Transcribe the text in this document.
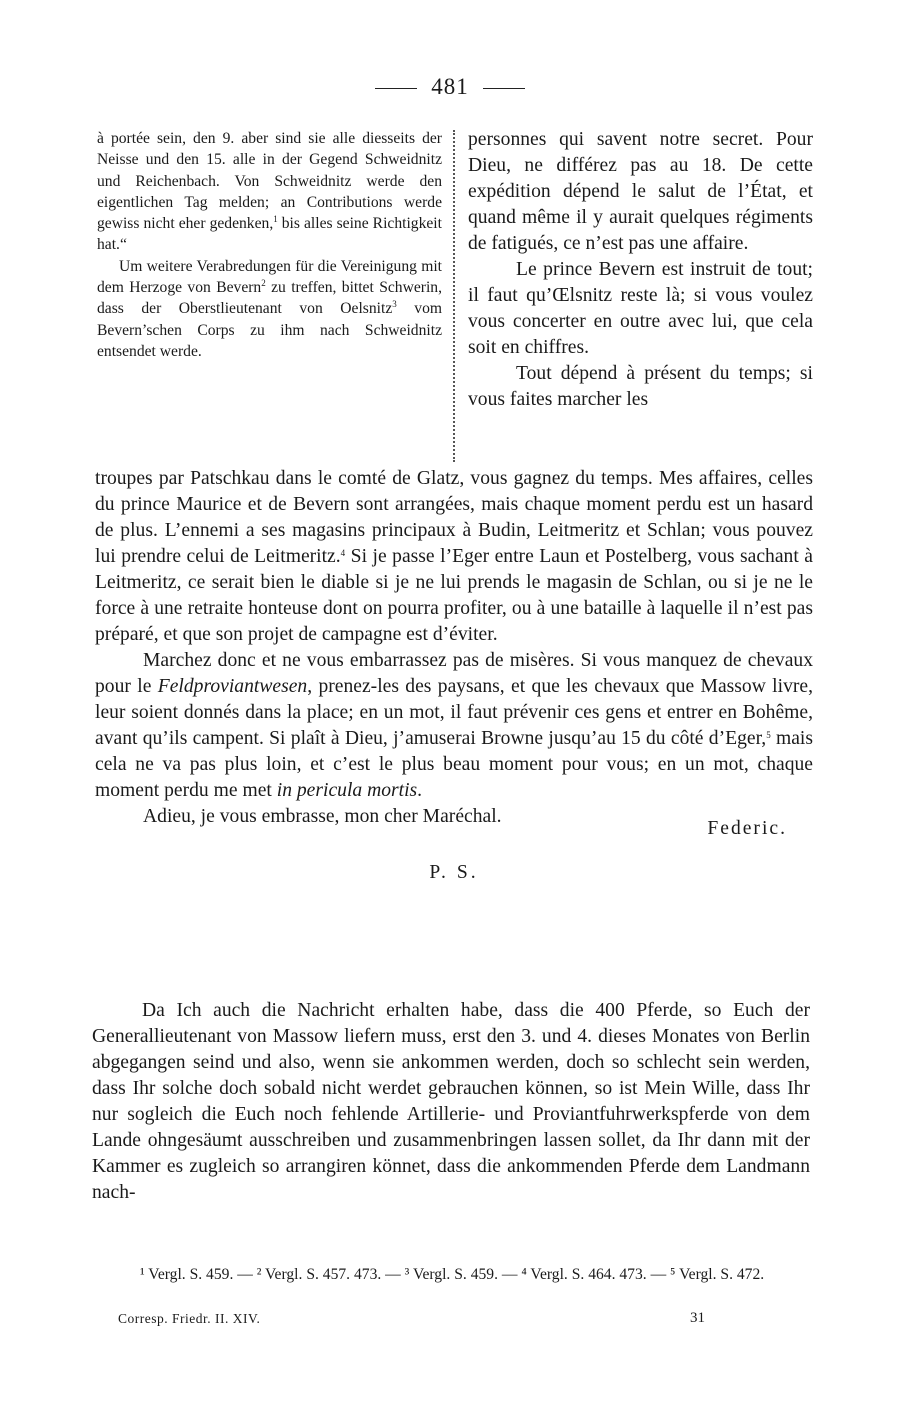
481

à portée sein, den 9. aber sind sie alle diesseits der Neisse und den 15. alle in der Gegend Schweidnitz und Reichenbach. Von Schweidnitz werde den eigentlichen Tag melden; an Contributions werde gewiss nicht eher gedenken,$^1$ bis alles seine Richtigkeit hat.“

Um weitere Verabredungen für die Vereinigung mit dem Herzoge von Bevern$^2$ zu treffen, bittet Schwerin, dass der Oberstlieutenant von Oelsnitz$^3$ vom Bevern’schen Corps zu ihm nach Schweidnitz entsendet werde.

personnes qui savent notre secret. Pour Dieu, ne différez pas au 18. De cette expédition dépend le salut de l’État, et quand même il y aurait quelques régiments de fatigués, ce n’est pas une affaire.

Le prince Bevern est instruit de tout; il faut qu’Œlsnitz reste là; si vous voulez vous concerter en outre avec lui, que cela soit en chiffres.

Tout dépend à présent du temps; si vous faites marcher les

troupes par Patschkau dans le comté de Glatz, vous gagnez du temps. Mes affaires, celles du prince Maurice et de Bevern sont arrangées, mais chaque moment perdu est un hasard de plus. L’ennemi a ses magasins principaux à Budin, Leitmeritz et Schlan; vous pouvez lui prendre celui de Leitmeritz.$^4$ Si je passe l’Eger entre Laun et Postelberg, vous sachant à Leitmeritz, ce serait bien le diable si je ne lui prends le magasin de Schlan, ou si je ne le force à une retraite honteuse dont on pourra profiter, ou à une bataille à laquelle il n’est pas préparé, et que son projet de campagne est d’éviter.

Marchez donc et ne vous embarrassez pas de misères. Si vous manquez de chevaux pour le Feldproviantwesen, prenez-les des paysans, et que les chevaux que Massow livre, leur soient donnés dans la place; en un mot, il faut prévenir ces gens et entrer en Bohême, avant qu’ils campent. Si plaît à Dieu, j’amuserai Browne jusqu’au 15 du côté d’Eger,$^5$ mais cela ne va pas plus loin, et c’est le plus beau moment pour vous; en un mot, chaque moment perdu me met in pericula mortis.

Adieu, je vous embrasse, mon cher Maréchal.
Federic.
P. S.

Da Ich auch die Nachricht erhalten habe, dass die 400 Pferde, so Euch der Generallieutenant von Massow liefern muss, erst den 3. und 4. dieses Monates von Berlin abgegangen seind und also, wenn sie ankommen werden, doch so schlecht sein werden, dass Ihr solche doch sobald nicht werdet gebrauchen können, so ist Mein Wille, dass Ihr nur sogleich die Euch noch fehlende Artillerie- und Proviantfuhrwerkspferde von dem Lande ohngesäumt ausschreiben und zusammenbringen lassen sollet, da Ihr dann mit der Kammer es zugleich so arrangiren könnet, dass die ankommenden Pferde dem Landmann nach-

¹ Vergl. S. 459. — ² Vergl. S. 457. 473. — ³ Vergl. S. 459. — ⁴ Vergl. S. 464. 473. — ⁵ Vergl. S. 472.

Corresp. Friedr. II. XIV.	31
